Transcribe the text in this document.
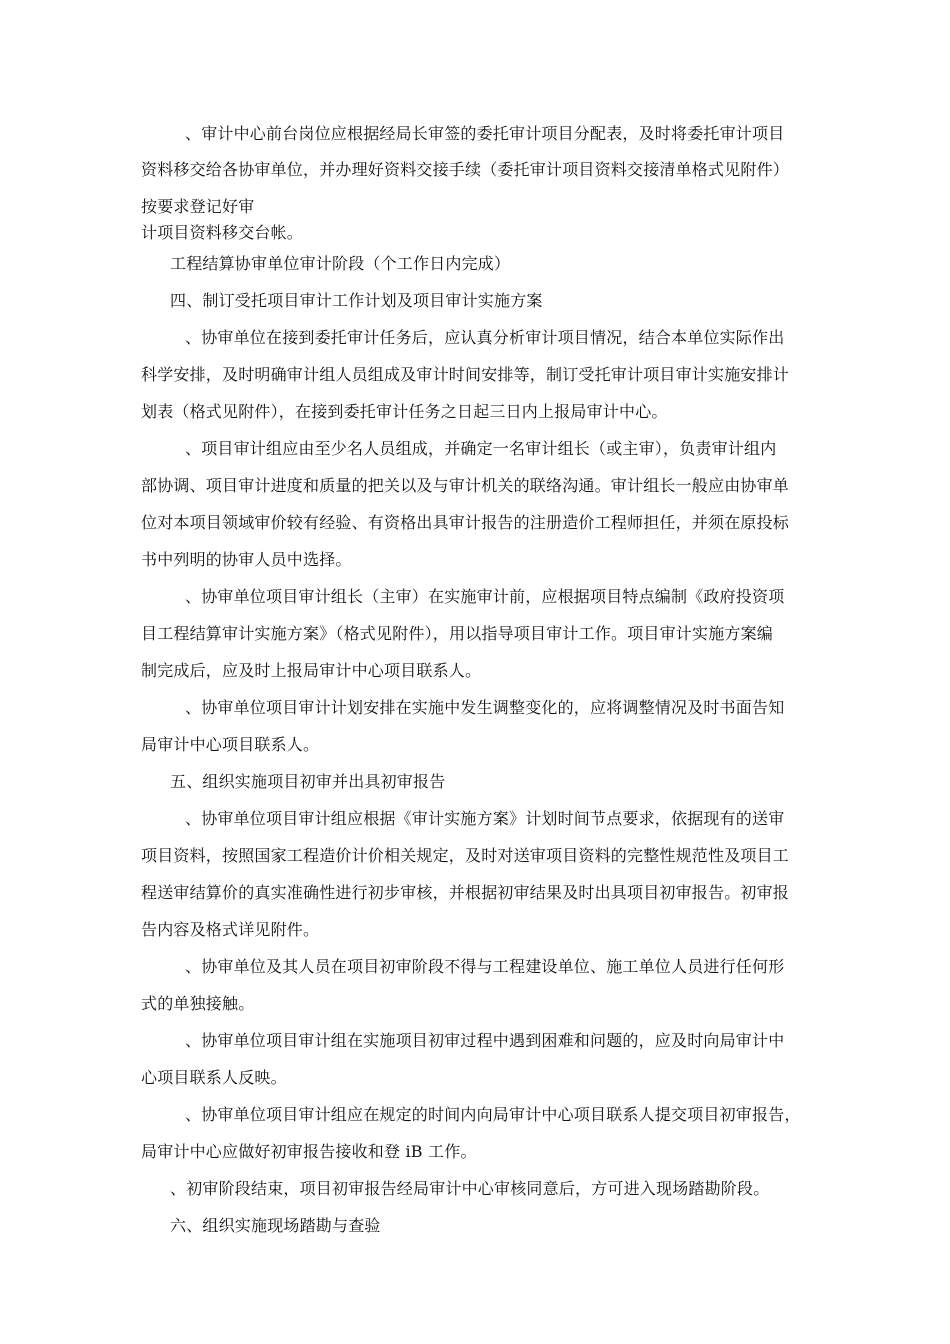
、审计中心前台岗位应根据经局长审签的委托审计项目分配表，及时将委托审计项目
资料移交给各协审单位，并办理好资料交接手续（委托审计项目资料交接清单格式见附件）
按要求登记好审
计项目资料移交台帐。
工程结算协审单位审计阶段（个工作日内完成）
四、制订受托项目审计工作计划及项目审计实施方案
、协审单位在接到委托审计任务后，应认真分析审计项目情况，结合本单位实际作出
科学安排，及时明确审计组人员组成及审计时间安排等，制订受托审计项目审计实施安排计
划表（格式见附件），在接到委托审计任务之日起三日内上报局审计中心。
、项目审计组应由至少名人员组成，并确定一名审计组长（或主审），负责审计组内
部协调、项目审计进度和质量的把关以及与审计机关的联络沟通。审计组长一般应由协审单
位对本项目领域审价较有经验、有资格出具审计报告的注册造价工程师担任，并须在原投标
书中列明的协审人员中选择。
、协审单位项目审计组长（主审）在实施审计前，应根据项目特点编制《政府投资项
目工程结算审计实施方案》（格式见附件），用以指导项目审计工作。项目审计实施方案编
制完成后，应及时上报局审计中心项目联系人。
、协审单位项目审计计划安排在实施中发生调整变化的，应将调整情况及时书面告知
局审计中心项目联系人。
五、组织实施项目初审并出具初审报告
、协审单位项目审计组应根据《审计实施方案》计划时间节点要求，依据现有的送审
项目资料，按照国家工程造价计价相关规定，及时对送审项目资料的完整性规范性及项目工
程送审结算价的真实准确性进行初步审核，并根据初审结果及时出具项目初审报告。初审报
告内容及格式详见附件。
、协审单位及其人员在项目初审阶段不得与工程建设单位、施工单位人员进行任何形
式的单独接触。
、协审单位项目审计组在实施项目初审过程中遇到困难和问题的，应及时向局审计中
心项目联系人反映。
、协审单位项目审计组应在规定的时间内向局审计中心项目联系人提交项目初审报告，
局审计中心应做好初审报告接收和登 iB 工作。
、初审阶段结束，项目初审报告经局审计中心审核同意后，方可进入现场踏勘阶段。
六、组织实施现场踏勘与查验
